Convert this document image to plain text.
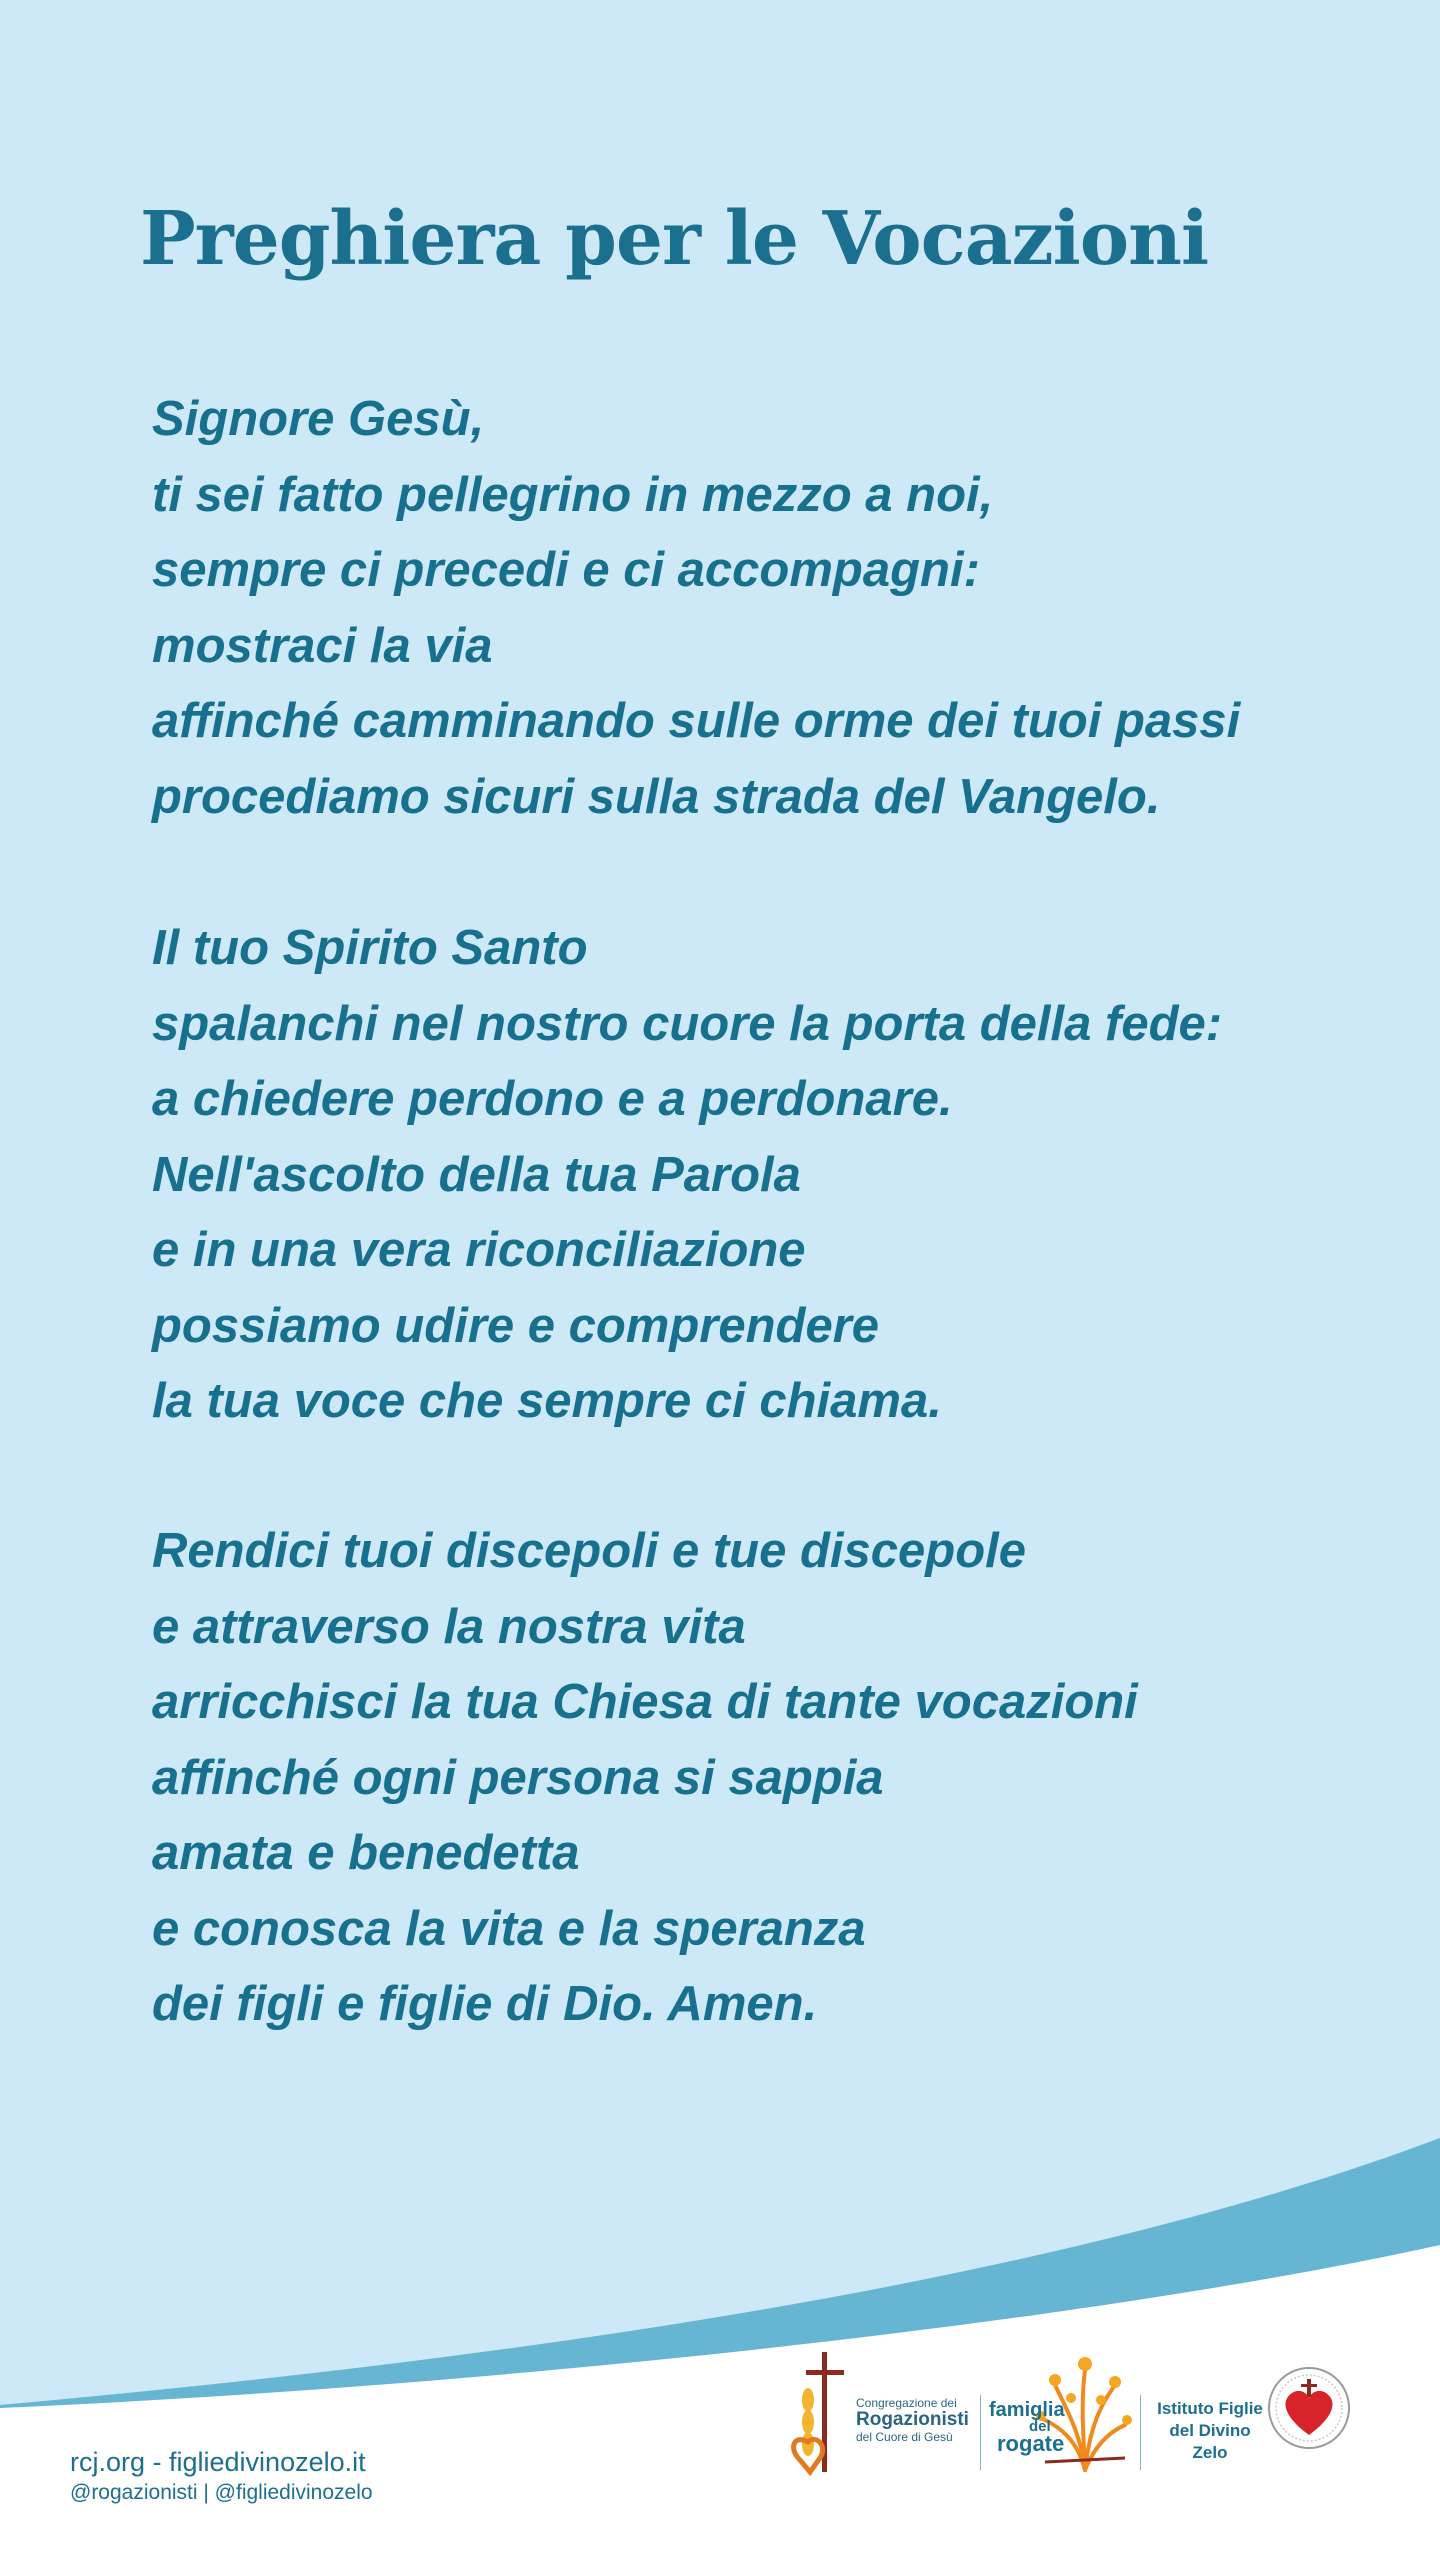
Preghiera per le Vocazioni
Signore Gesù,
ti sei fatto pellegrino in mezzo a noi,
sempre ci precedi e ci accompagni:
mostraci la via
affinché camminando sulle orme dei tuoi passi
procediamo sicuri sulla strada del Vangelo.
Il tuo Spirito Santo
spalanchi nel nostro cuore la porta della fede:
a chiedere perdono e a perdonare.
Nell'ascolto della tua Parola
e in una vera riconciliazione
possiamo udire e comprendere
la tua voce che sempre ci chiama.
Rendici tuoi discepoli e tue discepole
e attraverso la nostra vita
arricchisci la tua Chiesa di tante vocazioni
affinché ogni persona si sappia
amata e benedetta
e conosca la vita e la speranza
dei figli e figlie di Dio. Amen.
rcj.org - figliedivinozelo.it
@rogazionisti | @figliedivinozelo
Congregazione dei
Rogazionisti
del Cuore di Gesù
famiglia
del
rogate
Istituto Figlie del Divino Zelo
